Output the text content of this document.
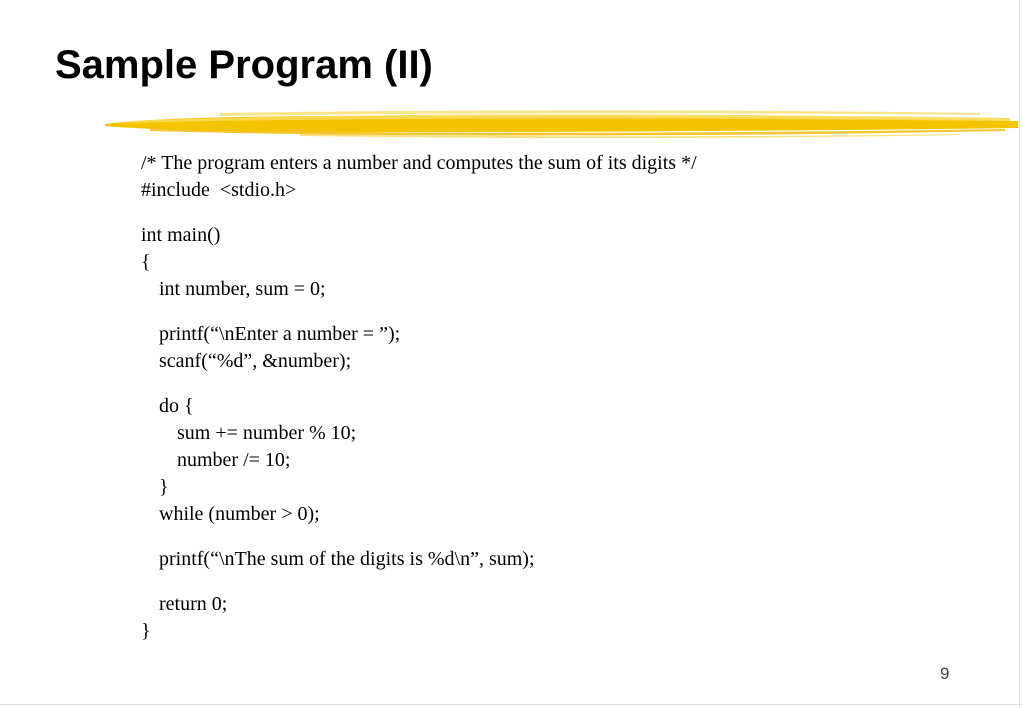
Sample Program (II)
/* The program enters a number and computes the sum of its digits */
#include  <stdio.h>
int main()
{
int number, sum = 0;
printf(“\nEnter a number = ”);
scanf(“%d”, &number);
do {
sum += number % 10;
number /= 10;
}
while (number > 0);
printf(“\nThe sum of the digits is %d\n”, sum);
return 0;
}
9
